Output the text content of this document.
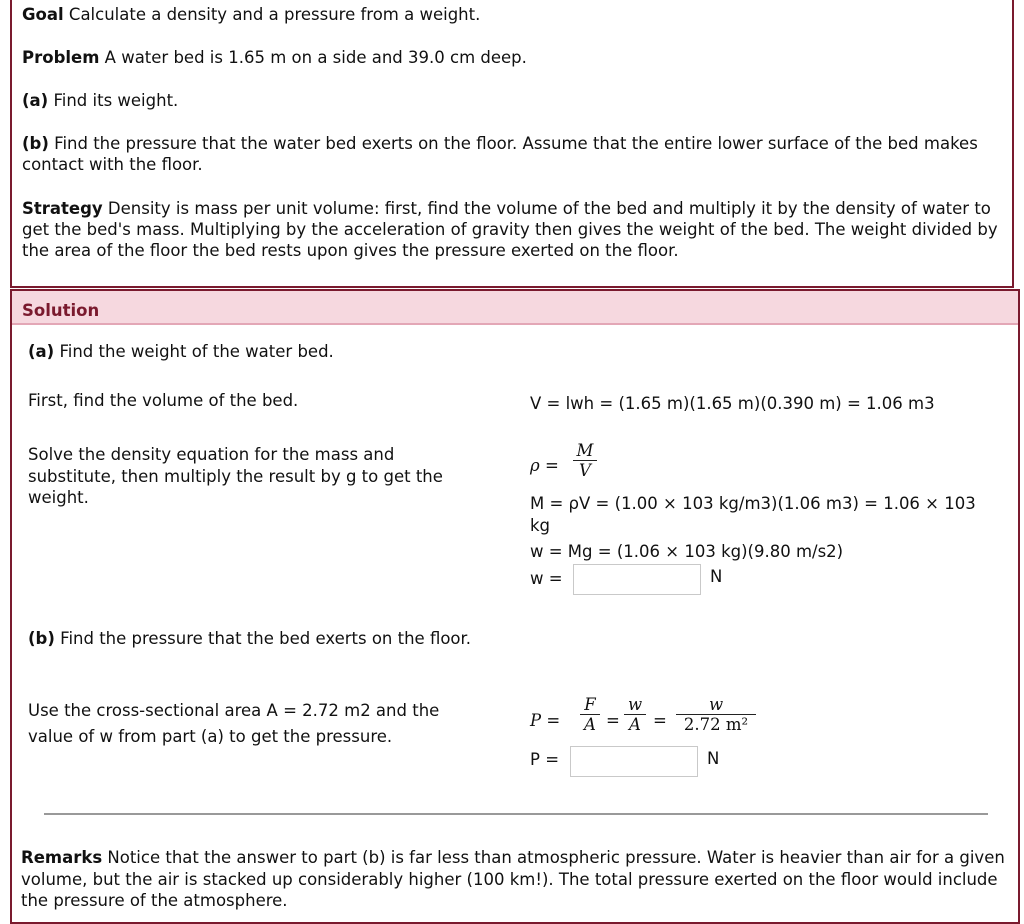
Goal Calculate a density and a pressure from a weight.
Problem A water bed is 1.65 m on a side and 39.0 cm deep.
(a) Find its weight.
(b) Find the pressure that the water bed exerts on the floor. Assume that the entire lower surface of the bed makes contact with the floor.
Strategy Density is mass per unit volume: first, find the volume of the bed and multiply it by the density of water to get the bed's mass. Multiplying by the acceleration of gravity then gives the weight of the bed. The weight divided by the area of the floor the bed rests upon gives the pressure exerted on the floor.
Solution
(a) Find the weight of the water bed.
First, find the volume of the bed.	V = lwh = (1.65 m)(1.65 m)(0.390 m) = 1.06 m3
Solve the density equation for the mass and substitute, then multiply the result by g to get the weight.
$\rho = \frac{M}{V}$
M = ρV = (1.00 × 103 kg/m3)(1.06 m3) = 1.06 × 103
kg
w = Mg = (1.06 × 103 kg)(9.80 m/s2)
w =	N
(b) Find the pressure that the bed exerts on the floor.
Use the cross-sectional area A = 2.72 m2 and the value of w from part (a) to get the pressure.
$P = \frac{F}{A} = \frac{w}{A} = \frac{w}{\text{2.72 m²}}$
P =	N
Remarks Notice that the answer to part (b) is far less than atmospheric pressure. Water is heavier than air for a given volume, but the air is stacked up considerably higher (100 km!). The total pressure exerted on the floor would include the pressure of the atmosphere.
